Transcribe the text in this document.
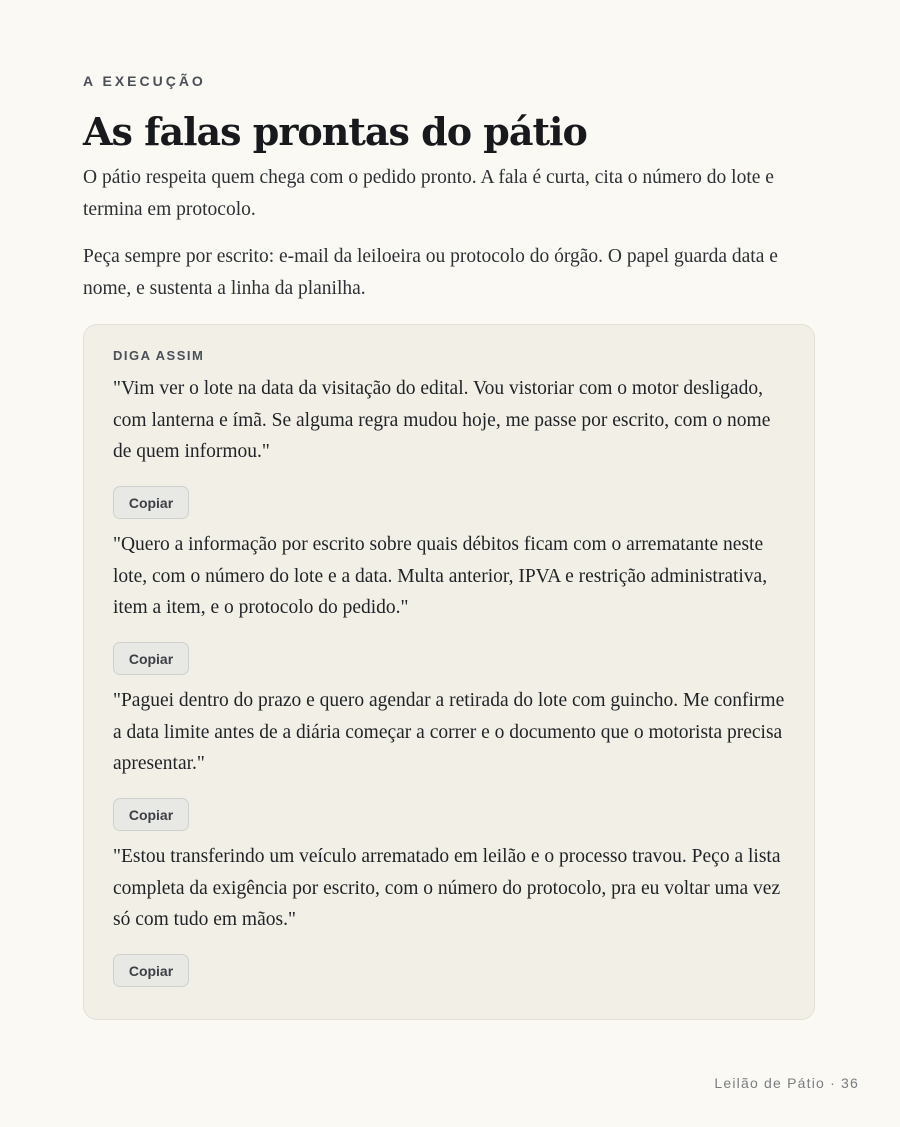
A EXECUÇÃO
As falas prontas do pátio

O pátio respeita quem chega com o pedido pronto. A fala é curta, cita o número do lote e termina em protocolo.

Peça sempre por escrito: e-mail da leiloeira ou protocolo do órgão. O papel guarda data e nome, e sustenta a linha da planilha.

DIGA ASSIM

"Vim ver o lote na data da visitação do edital. Vou vistoriar com o motor desligado, com lanterna e ímã. Se alguma regra mudou hoje, me passe por escrito, com o nome de quem informou."

Copiar

"Quero a informação por escrito sobre quais débitos ficam com o arrematante neste lote, com o número do lote e a data. Multa anterior, IPVA e restrição administrativa, item a item, e o protocolo do pedido."

Copiar

"Paguei dentro do prazo e quero agendar a retirada do lote com guincho. Me confirme a data limite antes de a diária começar a correr e o documento que o motorista precisa apresentar."

Copiar

"Estou transferindo um veículo arrematado em leilão e o processo travou. Peço a lista completa da exigência por escrito, com o número do protocolo, pra eu voltar uma vez só com tudo em mãos."

Copiar
Leilão de Pátio · 36
